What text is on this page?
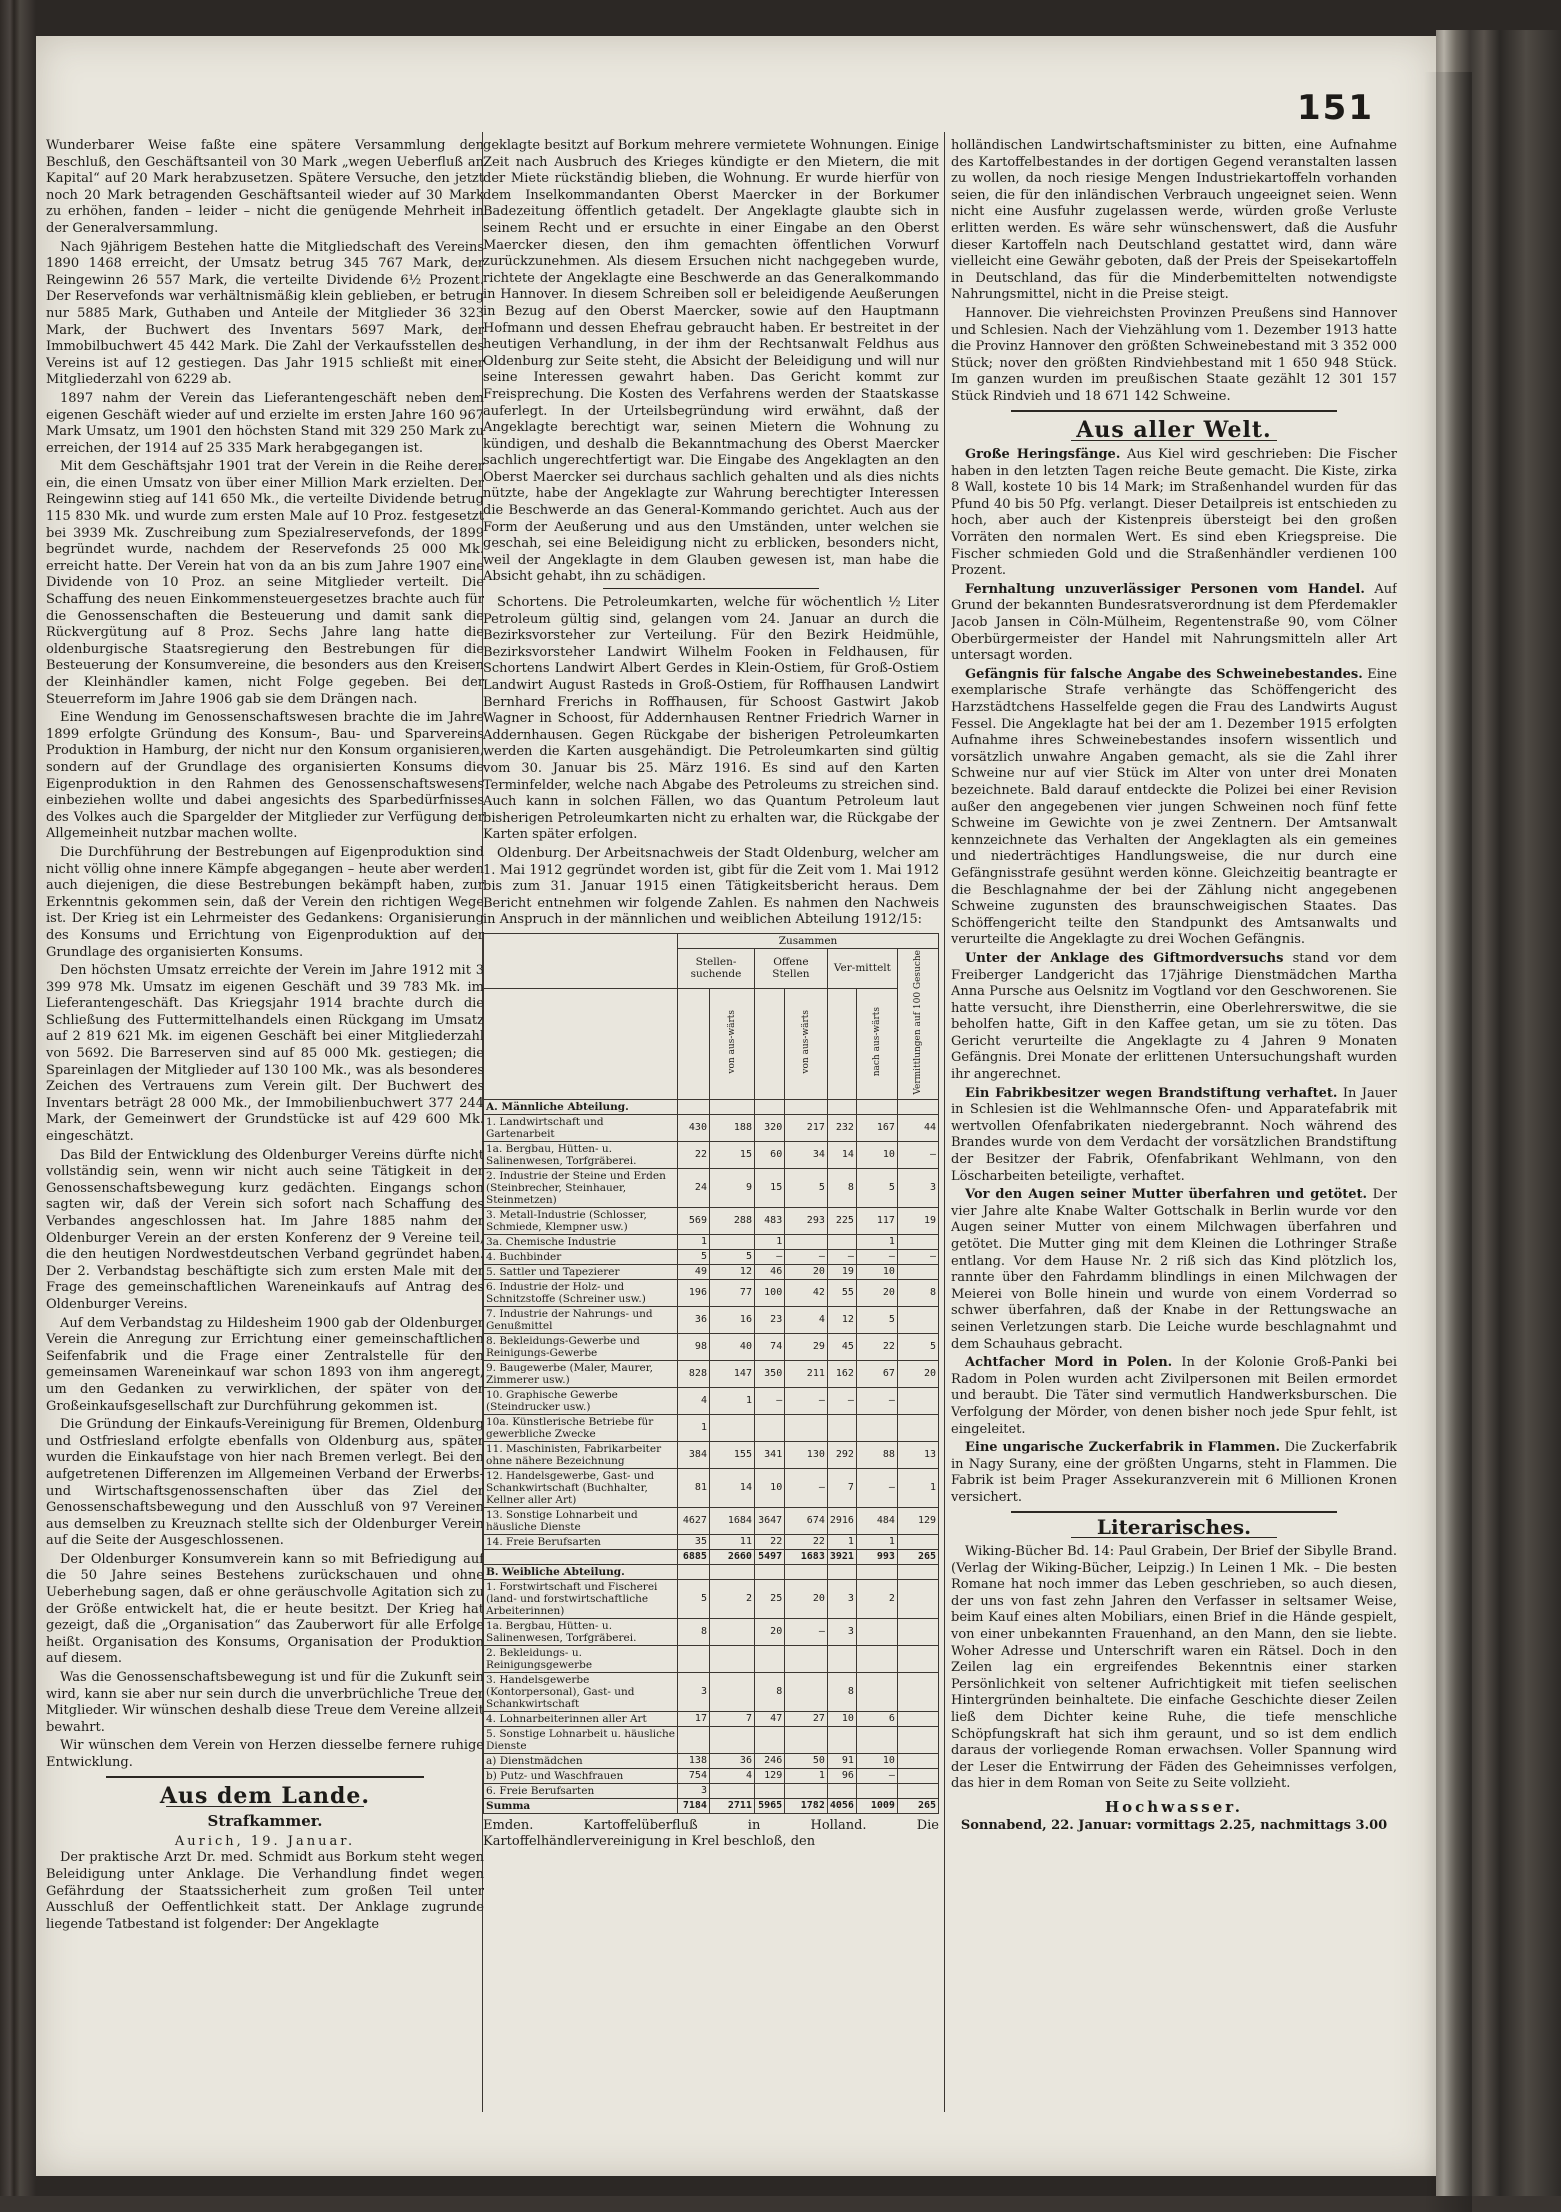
151

Wunderbarer Weise faßte eine spätere Versammlung den Beschluß, den Geschäftsanteil von 30 Mark „wegen Ueberfluß an Kapital“ auf 20 Mark herabzusetzen. Spätere Versuche, den jetzt noch 20 Mark betragenden Geschäftsanteil wieder auf 30 Mark zu erhöhen, fanden – leider – nicht die genügende Mehrheit in der Generalversammlung.

Nach 9jährigem Bestehen hatte die Mitgliedschaft des Vereins 1890 1468 erreicht, der Umsatz betrug 345 767 Mark, der Reingewinn 26 557 Mark, die verteilte Dividende 6½ Prozent. Der Reservefonds war verhältnismäßig klein geblieben, er betrug nur 5885 Mark, Guthaben und Anteile der Mitglieder 36 323 Mark, der Buchwert des Inventars 5697 Mark, der Immobilbuchwert 45 442 Mark. Die Zahl der Verkaufsstellen des Vereins ist auf 12 gestiegen. Das Jahr 1915 schließt mit einer Mitgliederzahl von 6229 ab.

1897 nahm der Verein das Lieferantengeschäft neben dem eigenen Geschäft wieder auf und erzielte im ersten Jahre 160 967 Mark Umsatz, um 1901 den höchsten Stand mit 329 250 Mark zu erreichen, der 1914 auf 25 335 Mark herabgegangen ist.

Mit dem Geschäftsjahr 1901 trat der Verein in die Reihe derer ein, die einen Umsatz von über einer Million Mark erzielten. Der Reingewinn stieg auf 141 650 Mk., die verteilte Dividende betrug 115 830 Mk. und wurde zum ersten Male auf 10 Proz. festgesetzt bei 3939 Mk. Zuschreibung zum Spezialreservefonds, der 1899 begründet wurde, nachdem der Reservefonds 25 000 Mk. erreicht hatte. Der Verein hat von da an bis zum Jahre 1907 eine Dividende von 10 Proz. an seine Mitglieder verteilt. Die Schaffung des neuen Einkommensteuergesetzes brachte auch für die Genossenschaften die Besteuerung und damit sank die Rückvergütung auf 8 Proz. Sechs Jahre lang hatte die oldenburgische Staatsregierung den Bestrebungen für die Besteuerung der Konsumvereine, die besonders aus den Kreisen der Kleinhändler kamen, nicht Folge gegeben. Bei der Steuerreform im Jahre 1906 gab sie dem Drängen nach.

Eine Wendung im Genossenschaftswesen brachte die im Jahre 1899 erfolgte Gründung des Konsum-, Bau- und Sparvereins Produktion in Hamburg, der nicht nur den Konsum organisieren, sondern auf der Grundlage des organisierten Konsums die Eigenproduktion in den Rahmen des Genossenschaftswesens einbeziehen wollte und dabei angesichts des Sparbedürfnisses des Volkes auch die Spargelder der Mitglieder zur Verfügung der Allgemeinheit nutzbar machen wollte.

Die Durchführung der Bestrebungen auf Eigenproduktion sind nicht völlig ohne innere Kämpfe abgegangen – heute aber werden auch diejenigen, die diese Bestrebungen bekämpft haben, zur Erkenntnis gekommen sein, daß der Verein den richtigen Wege ist. Der Krieg ist ein Lehrmeister des Gedankens: Organisierung des Konsums und Errichtung von Eigenproduktion auf der Grundlage des organisierten Konsums.

Den höchsten Umsatz erreichte der Verein im Jahre 1912 mit 3 399 978 Mk. Umsatz im eigenen Geschäft und 39 783 Mk. im Lieferantengeschäft. Das Kriegsjahr 1914 brachte durch die Schließung des Futtermittelhandels einen Rückgang im Umsatz auf 2 819 621 Mk. im eigenen Geschäft bei einer Mitgliederzahl von 5692. Die Barreserven sind auf 85 000 Mk. gestiegen; die Spareinlagen der Mitglieder auf 130 100 Mk., was als besonderes Zeichen des Vertrauens zum Verein gilt. Der Buchwert des Inventars beträgt 28 000 Mk., der Immobilienbuchwert 377 244 Mark, der Gemeinwert der Grundstücke ist auf 429 600 Mk. eingeschätzt.

Das Bild der Entwicklung des Oldenburger Vereins dürfte nicht vollständig sein, wenn wir nicht auch seine Tätigkeit in der Genossenschaftsbewegung kurz gedächten. Eingangs schon sagten wir, daß der Verein sich sofort nach Schaffung des Verbandes angeschlossen hat. Im Jahre 1885 nahm der Oldenburger Verein an der ersten Konferenz der 9 Vereine teil, die den heutigen Nordwestdeutschen Verband gegründet haben. Der 2. Verbandstag beschäftigte sich zum ersten Male mit der Frage des gemeinschaftlichen Wareneinkaufs auf Antrag des Oldenburger Vereins.

Auf dem Verbandstag zu Hildesheim 1900 gab der Oldenburger Verein die Anregung zur Errichtung einer gemeinschaftlichen Seifenfabrik und die Frage einer Zentralstelle für den gemeinsamen Wareneinkauf war schon 1893 von ihm angeregt, um den Gedanken zu verwirklichen, der später von der Großeinkaufsgesellschaft zur Durchführung gekommen ist.

Die Gründung der Einkaufs-Vereinigung für Bremen, Oldenburg und Ostfriesland erfolgte ebenfalls von Oldenburg aus, später wurden die Einkaufstage von hier nach Bremen verlegt. Bei den aufgetretenen Differenzen im Allgemeinen Verband der Erwerbs- und Wirtschaftsgenossenschaften über das Ziel der Genossenschaftsbewegung und den Ausschluß von 97 Vereinen aus demselben zu Kreuznach stellte sich der Oldenburger Verein auf die Seite der Ausgeschlossenen.

Der Oldenburger Konsumverein kann so mit Befriedigung auf die 50 Jahre seines Bestehens zurückschauen und ohne Ueberhebung sagen, daß er ohne geräuschvolle Agitation sich zu der Größe entwickelt hat, die er heute besitzt. Der Krieg hat gezeigt, daß die „Organisation“ das Zauberwort für alle Erfolge heißt. Organisation des Konsums, Organisation der Produktion auf diesem.

Was die Genossenschaftsbewegung ist und für die Zukunft sein wird, kann sie aber nur sein durch die unverbrüchliche Treue der Mitglieder. Wir wünschen deshalb diese Treue dem Vereine allzeit bewahrt.

Wir wünschen dem Verein von Herzen diesselbe fernere ruhige Entwicklung.

Aus dem Lande.
Strafkammer.
Aurich, 19. Januar.

Der praktische Arzt Dr. med. Schmidt aus Borkum steht wegen Beleidigung unter Anklage. Die Verhandlung findet wegen Gefährdung der Staatssicherheit zum großen Teil unter Ausschluß der Oeffentlichkeit statt. Der Anklage zugrunde liegende Tatbestand ist folgender: Der Angeklagte

geklagte besitzt auf Borkum mehrere vermietete Wohnungen. Einige Zeit nach Ausbruch des Krieges kündigte er den Mietern, die mit der Miete rückständig blieben, die Wohnung. Er wurde hierfür von dem Inselkommandanten Oberst Maercker in der Borkumer Badezeitung öffentlich getadelt. Der Angeklagte glaubte sich in seinem Recht und er ersuchte in einer Eingabe an den Oberst Maercker diesen, den ihm gemachten öffentlichen Vorwurf zurückzunehmen. Als diesem Ersuchen nicht nachgegeben wurde, richtete der Angeklagte eine Beschwerde an das Generalkommando in Hannover. In diesem Schreiben soll er beleidigende Aeußerungen in Bezug auf den Oberst Maercker, sowie auf den Hauptmann Hofmann und dessen Ehefrau gebraucht haben. Er bestreitet in der heutigen Verhandlung, in der ihm der Rechtsanwalt Feldhus aus Oldenburg zur Seite steht, die Absicht der Beleidigung und will nur seine Interessen gewahrt haben. Das Gericht kommt zur Freisprechung. Die Kosten des Verfahrens werden der Staatskasse auferlegt. In der Urteilsbegründung wird erwähnt, daß der Angeklagte berechtigt war, seinen Mietern die Wohnung zu kündigen, und deshalb die Bekanntmachung des Oberst Maercker sachlich ungerechtfertigt war. Die Eingabe des Angeklagten an den Oberst Maercker sei durchaus sachlich gehalten und als dies nichts nützte, habe der Angeklagte zur Wahrung berechtigter Interessen die Beschwerde an das General-Kommando gerichtet. Auch aus der Form der Aeußerung und aus den Umständen, unter welchen sie geschah, sei eine Beleidigung nicht zu erblicken, besonders nicht, weil der Angeklagte in dem Glauben gewesen ist, man habe die Absicht gehabt, ihn zu schädigen.

Schortens. Die Petroleumkarten, welche für wöchentlich ½ Liter Petroleum gültig sind, gelangen vom 24. Januar an durch die Bezirksvorsteher zur Verteilung. Für den Bezirk Heidmühle, Bezirksvorsteher Landwirt Wilhelm Fooken in Feldhausen, für Schortens Landwirt Albert Gerdes in Klein-Ostiem, für Groß-Ostiem Landwirt August Rasteds in Groß-Ostiem, für Roffhausen Landwirt Bernhard Frerichs in Roffhausen, für Schoost Gastwirt Jakob Wagner in Schoost, für Addernhausen Rentner Friedrich Warner in Addernhausen. Gegen Rückgabe der bisherigen Petroleumkarten werden die Karten ausgehändigt. Die Petroleumkarten sind gültig vom 30. Januar bis 25. März 1916. Es sind auf den Karten Terminfelder, welche nach Abgabe des Petroleums zu streichen sind. Auch kann in solchen Fällen, wo das Quantum Petroleum laut bisherigen Petroleumkarten nicht zu erhalten war, die Rückgabe der Karten später erfolgen.

Oldenburg. Der Arbeitsnachweis der Stadt Oldenburg, welcher am 1. Mai 1912 gegründet worden ist, gibt für die Zeit vom 1. Mai 1912 bis zum 31. Januar 1915 einen Tätigkeitsbericht heraus. Dem Bericht entnehmen wir folgende Zahlen. Es nahmen den Nachweis in Anspruch in der männlichen und weiblichen Abteilung 1912/15:

	Zusammen						
	Stellen-suchende		Offene Stellen		Ver-mittelt		Vermittlungen auf 100 Gesuche
		von aus-wärts		von aus-wärts		nach aus-wärts	
A. Männliche Abteilung.							
1. Landwirtschaft und Gartenarbeit	430	188	320	217	232	167	44
1a. Bergbau, Hütten- u. Salinenwesen, Torfgräberei.	22	15	60	34	14	10	–
2. Industrie der Steine und Erden (Steinbrecher, Steinhauer, Steinmetzen)	24	9	15	5	8	5	3
3. Metall-Industrie (Schlosser, Schmiede, Klempner usw.)	569	288	483	293	225	117	19
3a. Chemische Industrie	1		1			1	
4. Buchbinder	5	5	–	–	–	–	–
5. Sattler und Tapezierer	49	12	46	20	19	10	
6. Industrie der Holz- und Schnitzstoffe (Schreiner usw.)	196	77	100	42	55	20	8
7. Industrie der Nahrungs- und Genußmittel	36	16	23	4	12	5	
8. Bekleidungs-Gewerbe und Reinigungs-Gewerbe	98	40	74	29	45	22	5
9. Baugewerbe (Maler, Maurer, Zimmerer usw.)	828	147	350	211	162	67	20
10. Graphische Gewerbe (Steindrucker usw.)	4	1	–	–	–	–	
10a. Künstlerische Betriebe für gewerbliche Zwecke	1						
11. Maschinisten, Fabrikarbeiter ohne nähere Bezeichnung	384	155	341	130	292	88	13
12. Handelsgewerbe, Gast- und Schankwirtschaft (Buchhalter, Kellner aller Art)	81	14	10	–	7	–	1
13. Sonstige Lohnarbeit und häusliche Dienste	4627	1684	3647	674	2916	484	129
14. Freie Berufsarten	35	11	22	22	1	1	
	6885	2660	5497	1683	3921	993	265
B. Weibliche Abteilung.							
1. Forstwirtschaft und Fischerei (land- und forstwirtschaftliche Arbeiterinnen)	5	2	25	20	3	2	
1a. Bergbau, Hütten- u. Salinenwesen, Torfgräberei.	8		20	–	3		
2. Bekleidungs- u. Reinigungsgewerbe							
3. Handelsgewerbe (Kontorpersonal), Gast- und Schankwirtschaft	3		8		8		
4. Lohnarbeiterinnen aller Art	17	7	47	27	10	6	
5. Sonstige Lohnarbeit u. häusliche Dienste							
a) Dienstmädchen	138	36	246	50	91	10	
b) Putz- und Waschfrauen	754	4	129	1	96	–	
6. Freie Berufsarten	3						
Summa	7184	2711	5965	1782	4056	1009	265

Emden. Kartoffelüberfluß in Holland. Die Kartoffelhändlervereinigung in Krel beschloß, den

holländischen Landwirtschaftsminister zu bitten, eine Aufnahme des Kartoffelbestandes in der dortigen Gegend veranstalten lassen zu wollen, da noch riesige Mengen Industriekartoffeln vorhanden seien, die für den inländischen Verbrauch ungeeignet seien. Wenn nicht eine Ausfuhr zugelassen werde, würden große Verluste erlitten werden. Es wäre sehr wünschenswert, daß die Ausfuhr dieser Kartoffeln nach Deutschland gestattet wird, dann wäre vielleicht eine Gewähr geboten, daß der Preis der Speisekartoffeln in Deutschland, das für die Minderbemittelten notwendigste Nahrungsmittel, nicht in die Preise steigt.

Hannover. Die viehreichsten Provinzen Preußens sind Hannover und Schlesien. Nach der Viehzählung vom 1. Dezember 1913 hatte die Provinz Hannover den größten Schweinebestand mit 3 352 000 Stück; nover den größten Rindviehbestand mit 1 650 948 Stück. Im ganzen wurden im preußischen Staate gezählt 12 301 157 Stück Rindvieh und 18 671 142 Schweine.

Aus aller Welt.

Große Heringsfänge. Aus Kiel wird geschrieben: Die Fischer haben in den letzten Tagen reiche Beute gemacht. Die Kiste, zirka 8 Wall, kostete 10 bis 14 Mark; im Straßenhandel wurden für das Pfund 40 bis 50 Pfg. verlangt. Dieser Detailpreis ist entschieden zu hoch, aber auch der Kistenpreis übersteigt bei den großen Vorräten den normalen Wert. Es sind eben Kriegspreise. Die Fischer schmieden Gold und die Straßenhändler verdienen 100 Prozent.

Fernhaltung unzuverlässiger Personen vom Handel. Auf Grund der bekannten Bundesratsverordnung ist dem Pferdemakler Jacob Jansen in Cöln-Mülheim, Regentenstraße 90, vom Cölner Oberbürgermeister der Handel mit Nahrungsmitteln aller Art untersagt worden.

Gefängnis für falsche Angabe des Schweinebestandes. Eine exemplarische Strafe verhängte das Schöffengericht des Harzstädtchens Hasselfelde gegen die Frau des Landwirts August Fessel. Die Angeklagte hat bei der am 1. Dezember 1915 erfolgten Aufnahme ihres Schweinebestandes insofern wissentlich und vorsätzlich unwahre Angaben gemacht, als sie die Zahl ihrer Schweine nur auf vier Stück im Alter von unter drei Monaten bezeichnete. Bald darauf entdeckte die Polizei bei einer Revision außer den angegebenen vier jungen Schweinen noch fünf fette Schweine im Gewichte von je zwei Zentnern. Der Amtsanwalt kennzeichnete das Verhalten der Angeklagten als ein gemeines und niederträchtiges Handlungsweise, die nur durch eine Gefängnisstrafe gesühnt werden könne. Gleichzeitig beantragte er die Beschlagnahme der bei der Zählung nicht angegebenen Schweine zugunsten des braunschweigischen Staates. Das Schöffengericht teilte den Standpunkt des Amtsanwalts und verurteilte die Angeklagte zu drei Wochen Gefängnis.

Unter der Anklage des Giftmordversuchs stand vor dem Freiberger Landgericht das 17jährige Dienstmädchen Martha Anna Pursche aus Oelsnitz im Vogtland vor den Geschworenen. Sie hatte versucht, ihre Dienstherrin, eine Oberlehrerswitwe, die sie beholfen hatte, Gift in den Kaffee getan, um sie zu töten. Das Gericht verurteilte die Angeklagte zu 4 Jahren 9 Monaten Gefängnis. Drei Monate der erlittenen Untersuchungshaft wurden ihr angerechnet.

Ein Fabrikbesitzer wegen Brandstiftung verhaftet. In Jauer in Schlesien ist die Wehlmannsche Ofen- und Apparatefabrik mit wertvollen Ofenfabrikaten niedergebrannt. Noch während des Brandes wurde von dem Verdacht der vorsätzlichen Brandstiftung der Besitzer der Fabrik, Ofenfabrikant Wehlmann, von den Löscharbeiten beteiligte, verhaftet.

Vor den Augen seiner Mutter überfahren und getötet. Der vier Jahre alte Knabe Walter Gottschalk in Berlin wurde vor den Augen seiner Mutter von einem Milchwagen überfahren und getötet. Die Mutter ging mit dem Kleinen die Lothringer Straße entlang. Vor dem Hause Nr. 2 riß sich das Kind plötzlich los, rannte über den Fahrdamm blindlings in einen Milchwagen der Meierei von Bolle hinein und wurde von einem Vorderrad so schwer überfahren, daß der Knabe in der Rettungswache an seinen Verletzungen starb. Die Leiche wurde beschlagnahmt und dem Schauhaus gebracht.

Achtfacher Mord in Polen. In der Kolonie Groß-Panki bei Radom in Polen wurden acht Zivilpersonen mit Beilen ermordet und beraubt. Die Täter sind vermutlich Handwerksburschen. Die Verfolgung der Mörder, von denen bisher noch jede Spur fehlt, ist eingeleitet.

Eine ungarische Zuckerfabrik in Flammen. Die Zuckerfabrik in Nagy Surany, eine der größten Ungarns, steht in Flammen. Die Fabrik ist beim Prager Assekuranzverein mit 6 Millionen Kronen versichert.

Literarisches.

Wiking-Bücher Bd. 14: Paul Grabein, Der Brief der Sibylle Brand. (Verlag der Wiking-Bücher, Leipzig.) In Leinen 1 Mk. – Die besten Romane hat noch immer das Leben geschrieben, so auch diesen, der uns von fast zehn Jahren den Verfasser in seltsamer Weise, beim Kauf eines alten Mobiliars, einen Brief in die Hände gespielt, von einer unbekannten Frauenhand, an den Mann, den sie liebte. Woher Adresse und Unterschrift waren ein Rätsel. Doch in den Zeilen lag ein ergreifendes Bekenntnis einer starken Persönlichkeit von seltener Aufrichtigkeit mit tiefen seelischen Hintergründen beinhaltete. Die einfache Geschichte dieser Zeilen ließ dem Dichter keine Ruhe, die tiefe menschliche Schöpfungskraft hat sich ihm geraunt, und so ist dem endlich daraus der vorliegende Roman erwachsen. Voller Spannung wird der Leser die Entwirrung der Fäden des Geheimnisses verfolgen, das hier in dem Roman von Seite zu Seite vollzieht.

Hochwasser.

Sonnabend, 22. Januar: vormittags 2.25, nachmittags 3.00
